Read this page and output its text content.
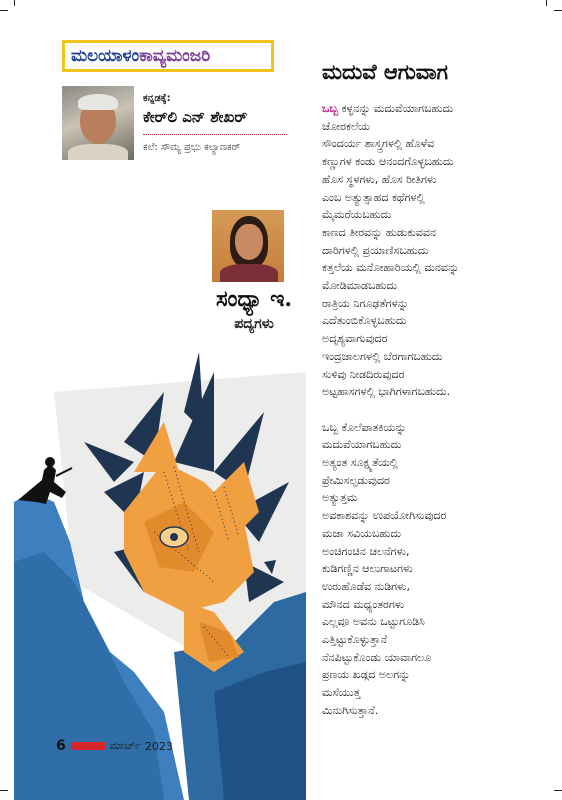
ಮಲಯಾಳಂ ಕಾವ್ಯಮಂಜರಿ
ಮದುವೆ ಆಗುವಾಗ
ಕನ್ನಡಕ್ಕೆ:
ಕೇರ್‌ಲಿ ಎನ್ ಶೇಖರ್
ಕಲೆ: ಸೌಮ್ಯ ಪ್ರಭು ಕಲ್ಯಾಣಕರ್
ಸಂಧ್ಯಾ ಇ.
ಪದ್ಯಗಳು
ಒಬ್ಬ ಕಳ್ಳನನ್ನು ಮದುವೆಯಾಗಬಹುದು
ಚೋರಕಲೆಯ
ಸೌಂದರ್ಯ ಶಾಸ್ತ್ರಗಳಲ್ಲಿ ಹೊಳೆವ
ಕಣ್ಣುಗಳ ಕಂಡು ಆನಂದಗೊಳ್ಳಬಹುದು
ಹೊಸ ಸ್ಥಳಗಳು, ಹೊಸ ರೀತಿಗಳು
ಎಂಬ ಅತ್ಯುತ್ಸಾಹದ ಕಥೆಗಳಲ್ಲಿ
ಮೈಮರೆಯಬಹುದು
ಕಾಣದ ತೀರವನ್ನು ಹುಡುಕುವವನ
ದಾರಿಗಳಲ್ಲಿ ಪ್ರಯಾಣಿಸಬಹುದು
ಕತ್ತಲೆಯ ಮನೋಹಾರಿಯಲ್ಲಿ ಮನವನ್ನು
ಮೋಡಿಮಾಡಬಹುದು
ರಾತ್ರಿಯ ನಿಗೂಢತೆಗಳನ್ನು
ಎದೆತುಂಬಿಕೊಳ್ಳಬಹುದು
ಅದೃಶ್ಯವಾಗುವುದರ
ಇಂದ್ರಜಾಲಗಳಲ್ಲಿ ಬೆರಗಾಗಬಹುದು
ಸುಳಿವು ನೀಡದಿರುವುದರ
ಅಟ್ಟಹಾಸಗಳಲ್ಲಿ ಭಾಗಿಗಳಾಗಬಹುದು.
ಒಬ್ಬ ಕೊಲೆಪಾತಕಿಯನ್ನು
ಮದುವೆಯಾಗಬಹುದು
ಅತ್ಯಂತ ಸೂಕ್ಷ್ಮತೆಯಲ್ಲಿ
ಪ್ರೇಮಿಸಲ್ಪಡುವುದರ
ಅತ್ಯುತ್ತಮ
ಅವಕಾಶವನ್ನು ಉಪಯೋಗಿಸುವುದರ
ಮಜಾ ಸವಿಯಬಹುದು
ಅಂಚಿಗಂಚಿನ ಚಲನೆಗಳು,
ಕುಡಿಗಣ್ಣಿನ ಆಲುಗಾಟಗಳು
ಉರುಹೊಡೆವ ನುಡಿಗಳು,
ಮೌನದ ಮಧ್ಯಂತರಗಳು
ಎಲ್ಲವೂ ಅವನು ಒಟ್ಟುಗೂಡಿಸಿ
ಎತ್ತಿಟ್ಟುಕೊಳ್ಳುತ್ತಾನೆ
ನೆನಪಿಟ್ಟುಕೊಂಡು ಯಾವಾಗಲೂ
ಪ್ರಣಯ ಖಡ್ಗದ ಅಲಗನ್ನು
ಮಸೆಯುತ್ತ
ಮಿನುಗಿಸುತ್ತಾನೆ.
6	ಮಾರ್ಚ್ 2023
